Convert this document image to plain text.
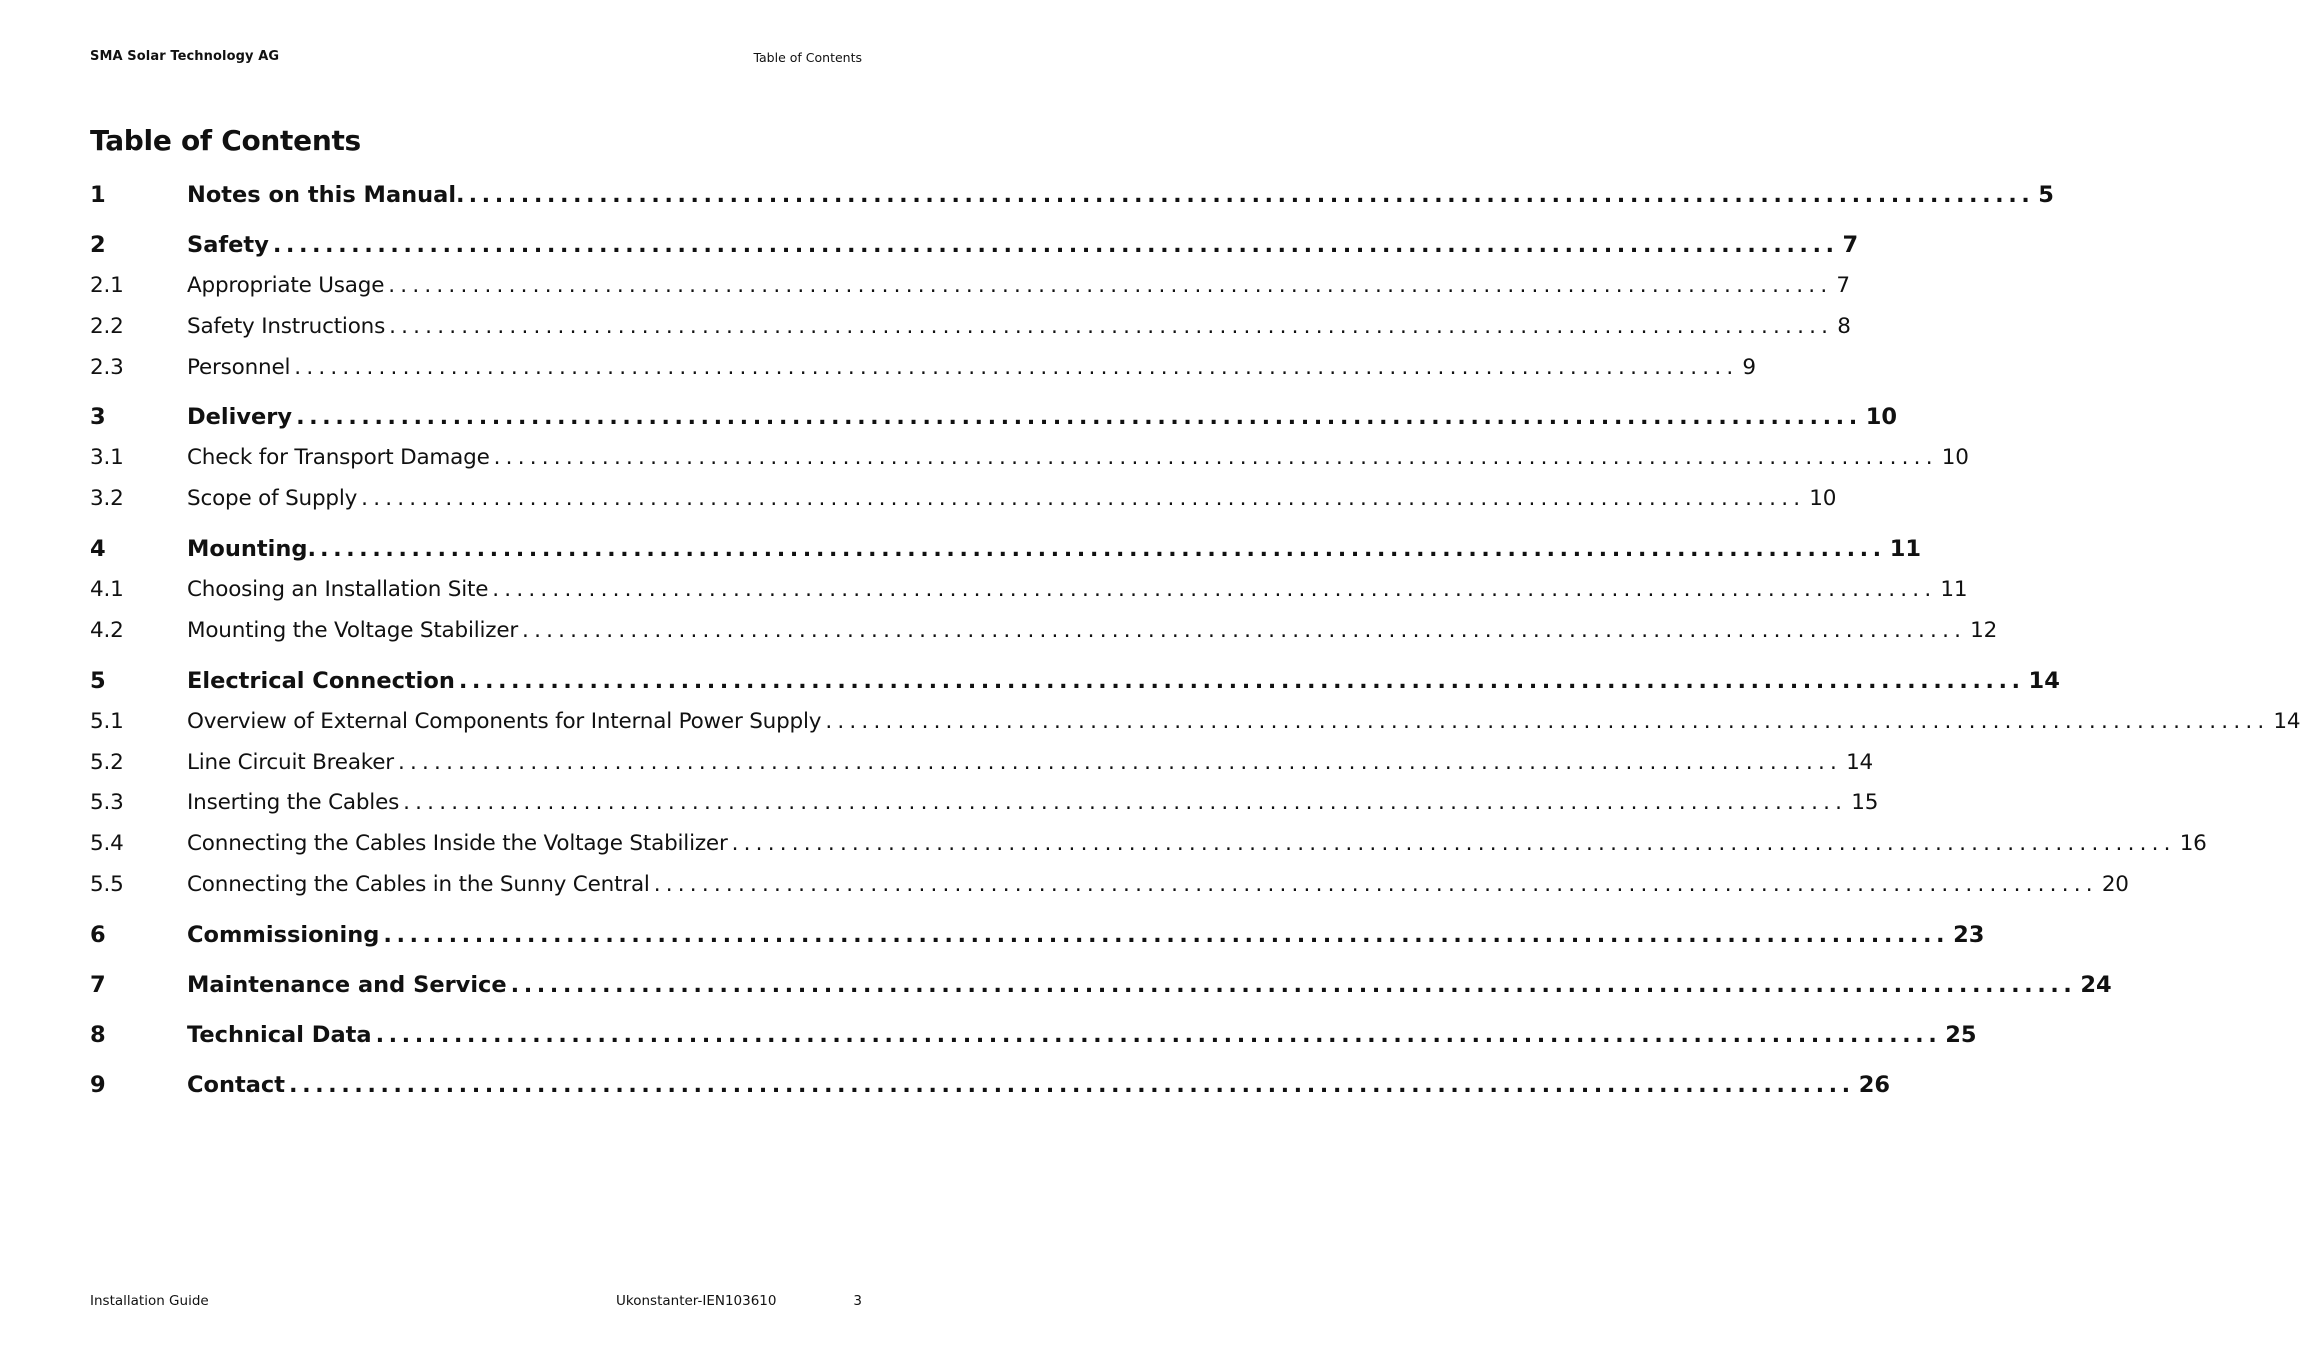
SMA Solar Technology AG	Table of Contents
Table of Contents
1	Notes on this Manual. ........................................................................................................................ 5
2	Safety ........................................................................................................................ 7
2.1	Appropriate Usage ........................................................................................................................ 7
2.2	Safety Instructions ........................................................................................................................ 8
2.3	Personnel ........................................................................................................................ 9
3	Delivery ........................................................................................................................ 10
3.1	Check for Transport Damage ........................................................................................................................ 10
3.2	Scope of Supply ........................................................................................................................ 10
4	Mounting. ........................................................................................................................ 11
4.1	Choosing an Installation Site ........................................................................................................................ 11
4.2	Mounting the Voltage Stabilizer ........................................................................................................................ 12
5	Electrical Connection ........................................................................................................................ 14
5.1	Overview of External Components for Internal Power Supply ........................................................................................................................ 14
5.2	Line Circuit Breaker ........................................................................................................................ 14
5.3	Inserting the Cables ........................................................................................................................ 15
5.4	Connecting the Cables Inside the Voltage Stabilizer ........................................................................................................................ 16
5.5	Connecting the Cables in the Sunny Central ........................................................................................................................ 20
6	Commissioning ........................................................................................................................ 23
7	Maintenance and Service ........................................................................................................................ 24
8	Technical Data ........................................................................................................................ 25
9	Contact ........................................................................................................................ 26
Installation Guide	Ukonstanter-IEN103610	3
